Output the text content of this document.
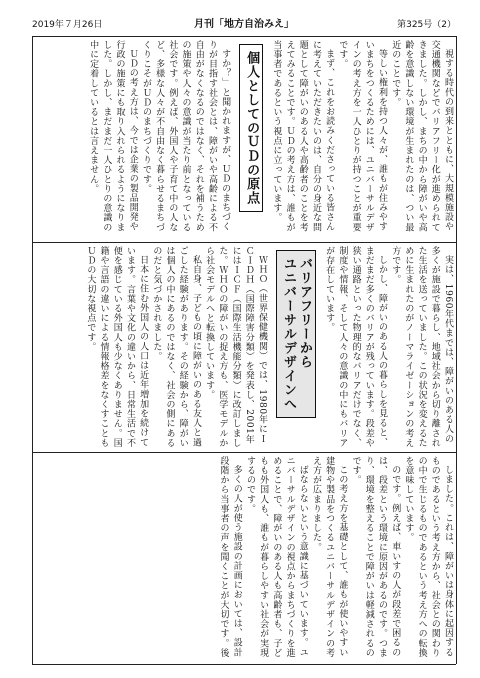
2019年７月26日	月刊「地方自治みえ」	第325号（2）

視する時代の到来とともに、大規模施設や交通機関などでバリアフリー化が進められてきました。しかし、まちの中から障がいや高齢を意識しない環境が生まれたのは、つい最近のことです。

等しい権利を持つ人々が、誰もが住みやすいまちをつくるためには、ユニバーサルデザインの考え方を一人ひとりが持つことが重要です。

まず、これをお読みくださっている皆さんに考えていただきたいのは、自分の身近な問題として障がいのある人や高齢者のことを考えてみることです。ＵＤの考え方は、誰もが当事者であるという視点に立っています。

個人としてのＵＤの原点

すか？」と聞かれますが、ＵＤのまちづくりが目指す社会とは、障がいや高齢による不自由がなくなるのではなく、それを補うための施策や人々の意識が当たり前となっている社会です。例えば、外国人や子育て中の人など、多様な人々が不自由なく暮らせるまちづくりこそがＵＤのまちづくりです。

ＵＤの考え方は、今では企業の製品開発や行政の施策にも取り入れられるようになりました。しかし、まだまだ一人ひとりの意識の中に定着しているとは言えません。

実は、1960年代までは、障がいのある人の多くが施設で暮らし、地域社会から切り離された生活を送っていました。この状況を変えるために生まれたのがノーマライゼーションの考え方です。

しかし、障がいのある人の暮らしを見ると、まだまだ多くのバリアが残っています。段差や狭い通路といった物理的なバリアだけでなく、制度や情報、そして人々の意識の中にもバリアが存在しています。

バリアフリーから
ユニバーサルデザインへ

ＷＨＯ（世界保健機関）では、1980年にＩＣＩＤＨ（国際障害分類）を発表し、2001年にはＩＣＦ（国際生活機能分類）に改訂しました。ＷＨＯの障がいの捉え方も、医学モデルから社会モデルへと転換しています。

私自身、子どもの頃に障がいのある友人と過ごした経験があります。その経験から、障がいは個人の中にあるのではなく、社会の側にあるのだと気づかされました。

日本に住む外国人の人口は近年増加を続けています。言葉や文化の違いから、日常生活で不便を感じている外国人も少なくありません。国籍や言語の違いによる情報格差をなくすこともＵＤの大切な視点です。

しました。これは、障がいは身体に起因するものであるという考え方から、社会との関わりの中で生じるものであるという考え方への転換を意味しています。

のです。例えば、車いすの人が段差で困るのは、段差という環境に原因があるのです。つまり、環境を整えることで障がいは軽減されるのです。

この考え方を基礎として、誰もが使いやすい建物や製品をつくるユニバーサルデザインの考え方が広まりました。

ばならないという意識に基づいています。ユニバーサルデザインの視点からまちづくりを進めることで、障がいのある人も高齢者も、子どもも外国人も、誰もが暮らしやすい社会が実現するのです。

多くの人が使う施設の計画においては、設計段階から当事者の声を聞くことが大切です。後
